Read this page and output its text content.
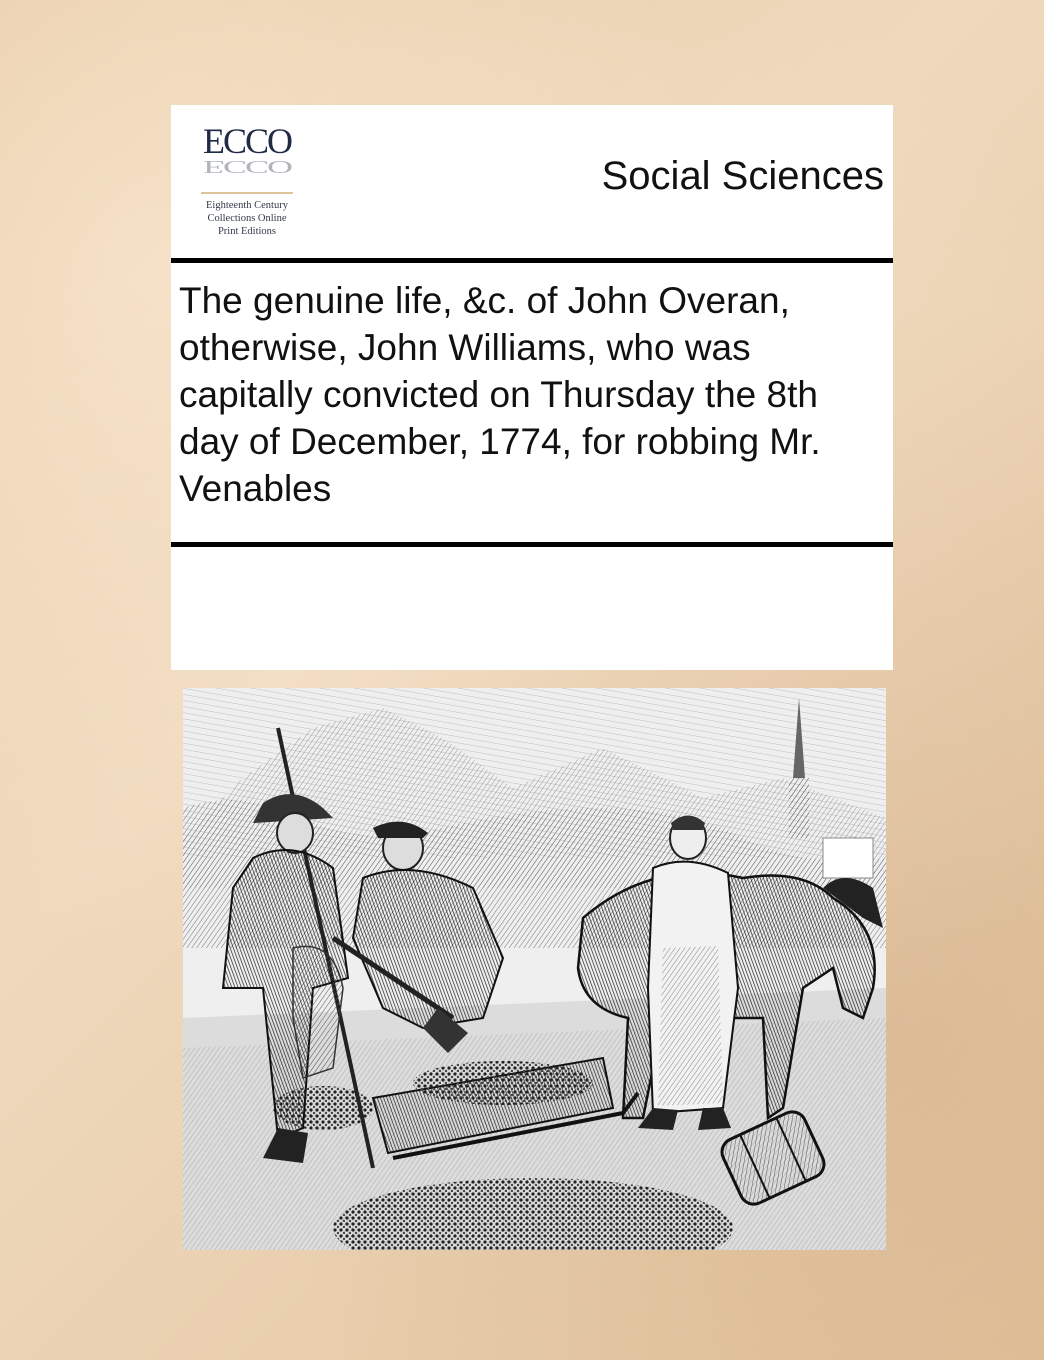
ECCO
ECCO
Eighteenth Century
Collections Online
Print Editions
Social Sciences
The genuine life, &c. of John Overan, otherwise, John Williams, who was capitally convicted on Thursday the 8th day of December, 1774, for robbing Mr. Venables
